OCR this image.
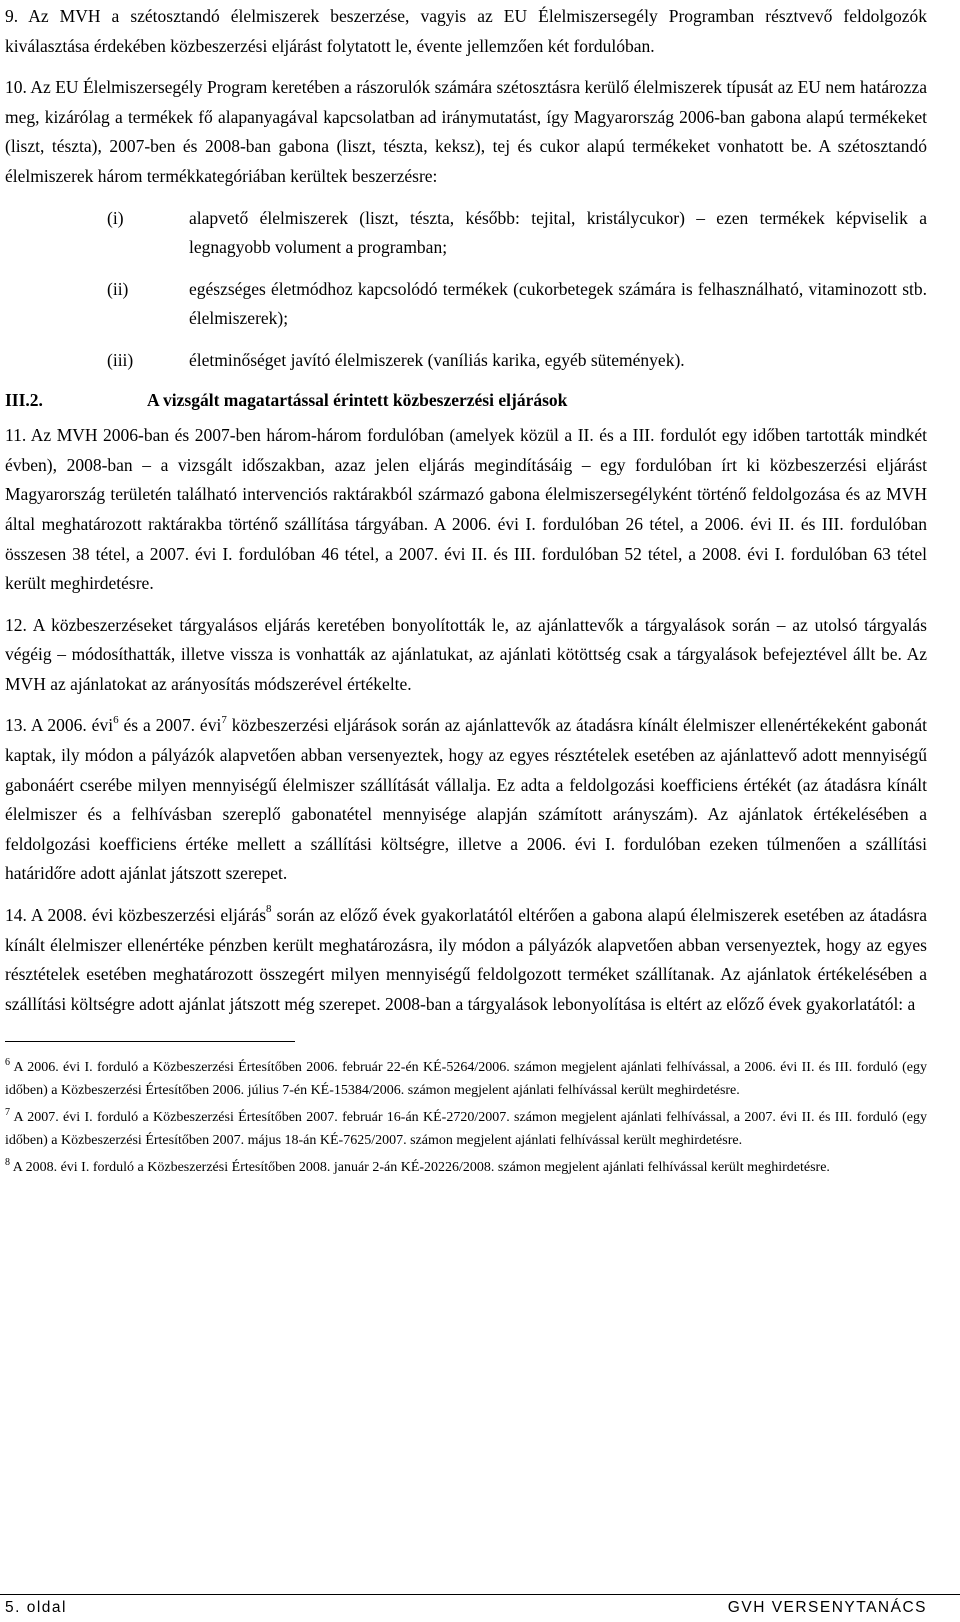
9. Az MVH a szétosztandó élelmiszerek beszerzése, vagyis az EU Élelmiszersegély Programban résztvevő feldolgozók kiválasztása érdekében közbeszerzési eljárást folytatott le, évente jellemzően két fordulóban.

10. Az EU Élelmiszersegély Program keretében a rászorulók számára szétosztásra kerülő élelmiszerek típusát az EU nem határozza meg, kizárólag a termékek fő alapanyagával kapcsolatban ad iránymutatást, így Magyarország 2006-ban gabona alapú termékeket (liszt, tészta), 2007-ben és 2008-ban gabona (liszt, tészta, keksz), tej és cukor alapú termékeket vonhatott be. A szétosztandó élelmiszerek három termékkategóriában kerültek beszerzésre:

(i)	alapvető élelmiszerek (liszt, tészta, később: tejital, kristálycukor) – ezen termékek képviselik a legnagyobb volument a programban;
(ii)	egészséges életmódhoz kapcsolódó termékek (cukorbetegek számára is felhasználható, vitaminozott stb. élelmiszerek);
(iii)	életminőséget javító élelmiszerek (vaníliás karika, egyéb sütemények).
III.2.	A vizsgált magatartással érintett közbeszerzési eljárások

11. Az MVH 2006-ban és 2007-ben három-három fordulóban (amelyek közül a II. és a III. fordulót egy időben tartották mindkét évben), 2008-ban – a vizsgált időszakban, azaz jelen eljárás megindításáig – egy fordulóban írt ki közbeszerzési eljárást Magyarország területén található intervenciós raktárakból származó gabona élelmiszersegélyként történő feldolgozása és az MVH által meghatározott raktárakba történő szállítása tárgyában. A 2006. évi I. fordulóban 26 tétel, a 2006. évi II. és III. fordulóban összesen 38 tétel, a 2007. évi I. fordulóban 46 tétel, a 2007. évi II. és III. fordulóban 52 tétel, a 2008. évi I. fordulóban 63 tétel került meghirdetésre.

12. A közbeszerzéseket tárgyalásos eljárás keretében bonyolították le, az ajánlattevők a tárgyalások során – az utolsó tárgyalás végéig – módosíthatták, illetve vissza is vonhatták az ajánlatukat, az ajánlati kötöttség csak a tárgyalások befejeztével állt be. Az MVH az ajánlatokat az arányosítás módszerével értékelte.

13. A 2006. évi$^6$ és a 2007. évi$^7$ közbeszerzési eljárások során az ajánlattevők az átadásra kínált élelmiszer ellenértékeként gabonát kaptak, ily módon a pályázók alapvetően abban versenyeztek, hogy az egyes résztételek esetében az ajánlattevő adott mennyiségű gabonáért cserébe milyen mennyiségű élelmiszer szállítását vállalja. Ez adta a feldolgozási koefficiens értékét (az átadásra kínált élelmiszer és a felhívásban szereplő gabonatétel mennyisége alapján számított arányszám). Az ajánlatok értékelésében a feldolgozási koefficiens értéke mellett a szállítási költségre, illetve a 2006. évi I. fordulóban ezeken túlmenően a szállítási határidőre adott ajánlat játszott szerepet.

14. A 2008. évi közbeszerzési eljárás$^8$ során az előző évek gyakorlatától eltérően a gabona alapú élelmiszerek esetében az átadásra kínált élelmiszer ellenértéke pénzben került meghatározásra, ily módon a pályázók alapvetően abban versenyeztek, hogy az egyes résztételek esetében meghatározott összegért milyen mennyiségű feldolgozott terméket szállítanak. Az ajánlatok értékelésében a szállítási költségre adott ajánlat játszott még szerepet. 2008-ban a tárgyalások lebonyolítása is eltért az előző évek gyakorlatától: a

$^6$ A 2006. évi I. forduló a Közbeszerzési Értesítőben 2006. február 22-én KÉ-5264/2006. számon megjelent ajánlati felhívással, a 2006. évi II. és III. forduló (egy időben) a Közbeszerzési Értesítőben 2006. július 7-én KÉ-15384/2006. számon megjelent ajánlati felhívással került meghirdetésre.

$^7$ A 2007. évi I. forduló a Közbeszerzési Értesítőben 2007. február 16-án KÉ-2720/2007. számon megjelent ajánlati felhívással, a 2007. évi II. és III. forduló (egy időben) a Közbeszerzési Értesítőben 2007. május 18-án KÉ-7625/2007. számon megjelent ajánlati felhívással került meghirdetésre.

$^8$ A 2008. évi I. forduló a Közbeszerzési Értesítőben 2008. január 2-án KÉ-20226/2008. számon megjelent ajánlati felhívással került meghirdetésre.

5. oldal	GVH VERSENYTANÁCS
